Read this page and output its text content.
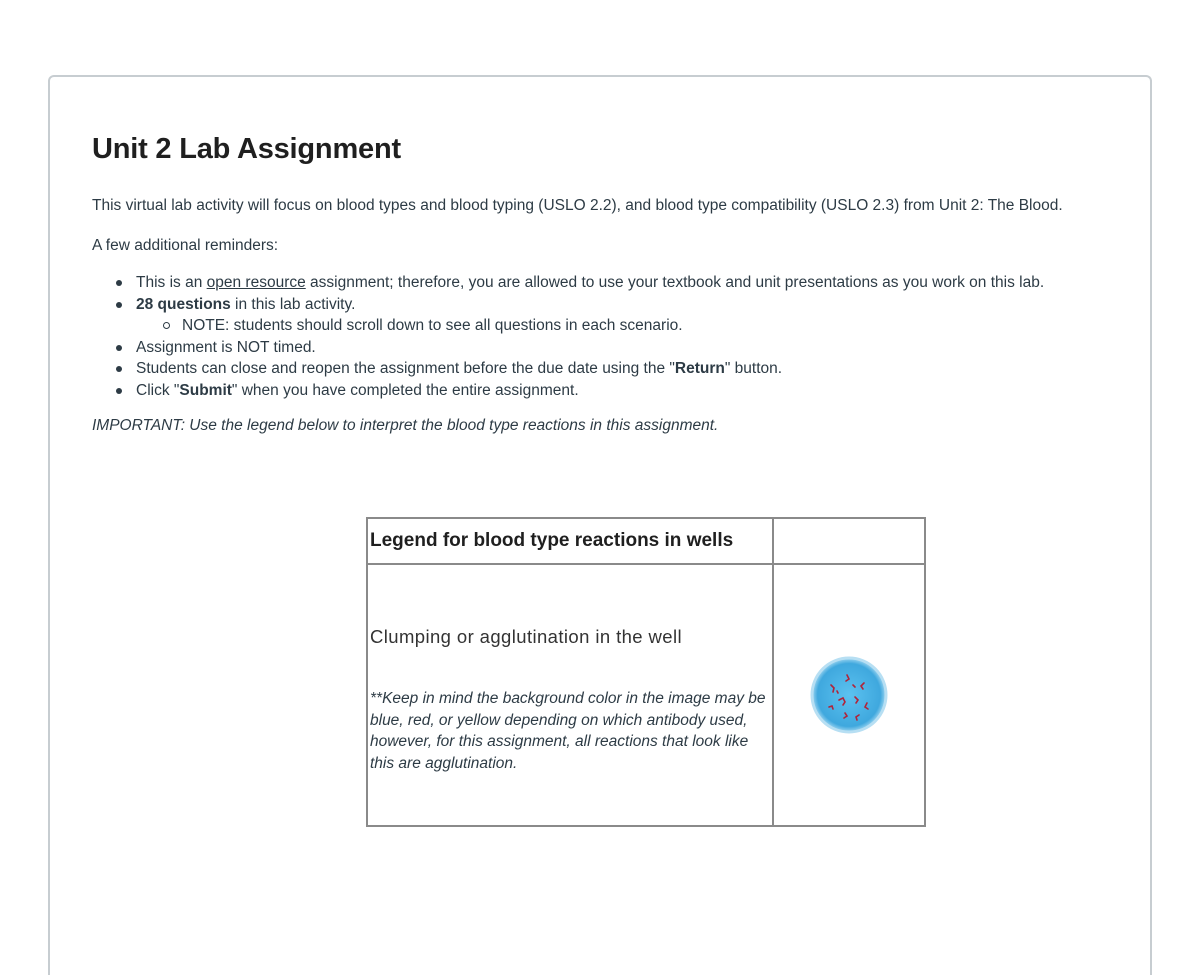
Unit 2 Lab Assignment

This virtual lab activity will focus on blood types and blood typing (USLO 2.2), and blood type compatibility (USLO 2.3) from Unit 2: The Blood.

A few additional reminders:

This is an open resource assignment; therefore, you are allowed to use your textbook and unit presentations as you work on this lab.
28 questions in this lab activity.
NOTE: students should scroll down to see all questions in each scenario.
Assignment is NOT timed.
Students can close and reopen the assignment before the due date using the "Return" button.
Click "Submit" when you have completed the entire assignment.

IMPORTANT: Use the legend below to interpret the blood type reactions in this assignment.

Legend for blood type reactions in wells	

Clumping or agglutination in the well
**Keep in mind the background color in the image may be blue, red, or yellow depending on which antibody used, however, for this assignment, all reactions that look like this are agglutination.
